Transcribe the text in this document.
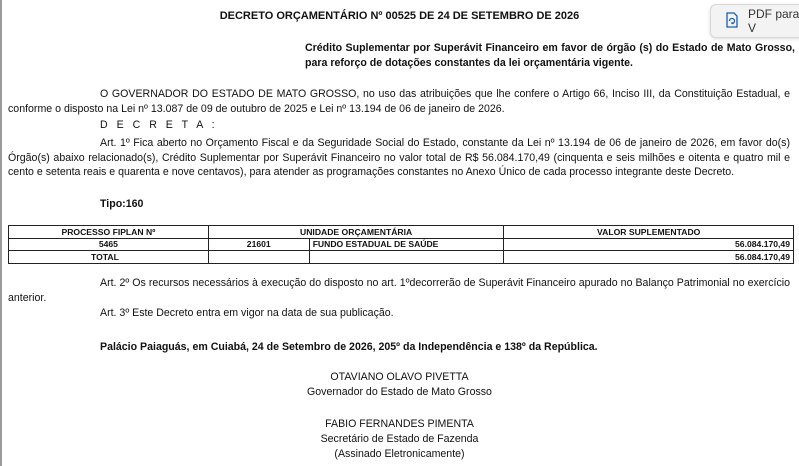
DECRETO ORÇAMENTÁRIO Nº 00525 DE 24 DE SETEMBRO DE 2026
Crédito Suplementar por Superávit Financeiro em favor de órgão (s) do Estado de Mato Grosso, para reforço de dotações constantes da lei orçamentária vigente.
O GOVERNADOR DO ESTADO DE MATO GROSSO, no uso das atribuições que lhe confere o Artigo 66, Inciso III, da Constituição Estadual, e conforme o disposto na Lei nº 13.087 de 09 de outubro de 2025 e Lei nº 13.194 de 06 de janeiro de 2026.
D E C R E T A :
Art. 1º Fica aberto no Orçamento Fiscal e da Seguridade Social do Estado, constante da Lei nº 13.194 de 06 de janeiro de 2026, em favor do(s) Órgão(s) abaixo relacionado(s), Crédito Suplementar por Superávit Financeiro no valor total de R$ 56.084.170,49 (cinquenta e seis milhões e oitenta e quatro mil e cento e setenta reais e quarenta e nove centavos), para atender as programações constantes no Anexo Único de cada processo integrante deste Decreto.
Tipo:160
PROCESSO FIPLAN Nº	UNIDADE ORÇAMENTÁRIA		VALOR SUPLEMENTADO
5465	21601	FUNDO ESTADUAL DE SAÚDE	56.084.170,49
TOTAL			56.084.170,49
Art. 2º Os recursos necessários à execução do disposto no art. 1ºdecorrerão de Superávit Financeiro apurado no Balanço Patrimonial no exercício anterior.
Art. 3º Este Decreto entra em vigor na data de sua publicação.
Palácio Paiaguás, em Cuiabá, 24 de Setembro de 2026, 205º da Independência e 138º da República.
OTAVIANO OLAVO PIVETTA
Governador do Estado de Mato Grosso
FABIO FERNANDES PIMENTA
Secretário de Estado de Fazenda
(Assinado Eletronicamente)
PDF para V
